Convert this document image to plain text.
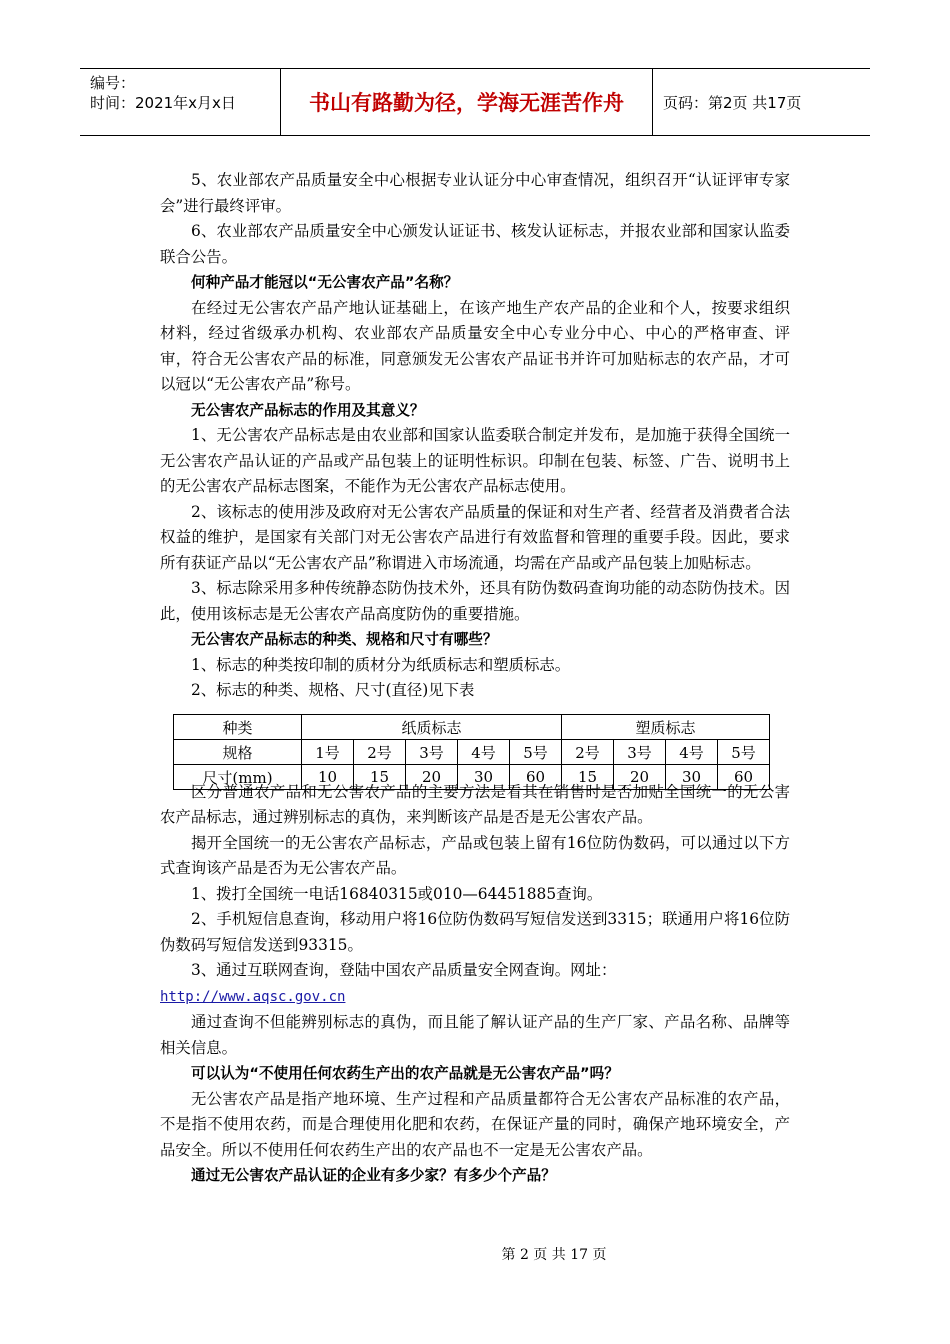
编号：
时间：2021年x月x日	书山有路勤为径，学海无涯苦作舟	页码：第2页 共17页

5、农业部农产品质量安全中心根据专业认证分中心审查情况，组织召开“认证评审专家会”进行最终评审。

6、农业部农产品质量安全中心颁发认证证书、核发认证标志，并报农业部和国家认监委联合公告。

何种产品才能冠以“无公害农产品”名称？

在经过无公害农产品产地认证基础上，在该产地生产农产品的企业和个人，按要求组织材料，经过省级承办机构、农业部农产品质量安全中心专业分中心、中心的严格审查、评审，符合无公害农产品的标准，同意颁发无公害农产品证书并许可加贴标志的农产品，才可以冠以“无公害农产品”称号。

无公害农产品标志的作用及其意义？

1、无公害农产品标志是由农业部和国家认监委联合制定并发布，是加施于获得全国统一无公害农产品认证的产品或产品包装上的证明性标识。印制在包装、标签、广告、说明书上的无公害农产品标志图案，不能作为无公害农产品标志使用。

2、该标志的使用涉及政府对无公害农产品质量的保证和对生产者、经营者及消费者合法权益的维护，是国家有关部门对无公害农产品进行有效监督和管理的重要手段。因此，要求所有获证产品以“无公害农产品”称谓进入市场流通，均需在产品或产品包装上加贴标志。

3、标志除采用多种传统静态防伪技术外，还具有防伪数码查询功能的动态防伪技术。因此，使用该标志是无公害农产品高度防伪的重要措施。

无公害农产品标志的种类、规格和尺寸有哪些？

1、标志的种类按印制的质材分为纸质标志和塑质标志。

2、标志的种类、规格、尺寸(直径)见下表

区分普通农产品和无公害农产品的主要方法是看其在销售时是否加贴全国统一的无公害农产品标志，通过辨别标志的真伪，来判断该产品是否是无公害农产品。

揭开全国统一的无公害农产品标志，产品或包装上留有16位防伪数码，可以通过以下方式查询该产品是否为无公害农产品。

1、拨打全国统一电话16840315或010—64451885查询。

2、手机短信息查询，移动用户将16位防伪数码写短信发送到3315；联通用户将16位防伪数码写短信发送到93315。

3、通过互联网查询，登陆中国农产品质量安全网查询。网址：

http://www.aqsc.gov.cn

通过查询不但能辨别标志的真伪，而且能了解认证产品的生产厂家、产品名称、品牌等相关信息。

可以认为“不使用任何农药生产出的农产品就是无公害农产品”吗？

无公害农产品是指产地环境、生产过程和产品质量都符合无公害农产品标准的农产品，不是指不使用农药，而是合理使用化肥和农药，在保证产量的同时，确保产地环境安全，产品安全。所以不使用任何农药生产出的农产品也不一定是无公害农产品。

通过无公害农产品认证的企业有多少家？有多少个产品？

种类	纸质标志					塑质标志			
规格	1号	2号	3号	4号	5号	2号	3号	4号	5号
尺寸(mm)	10	15	20	30	60	15	20	30	60
第 2 页 共 17 页
